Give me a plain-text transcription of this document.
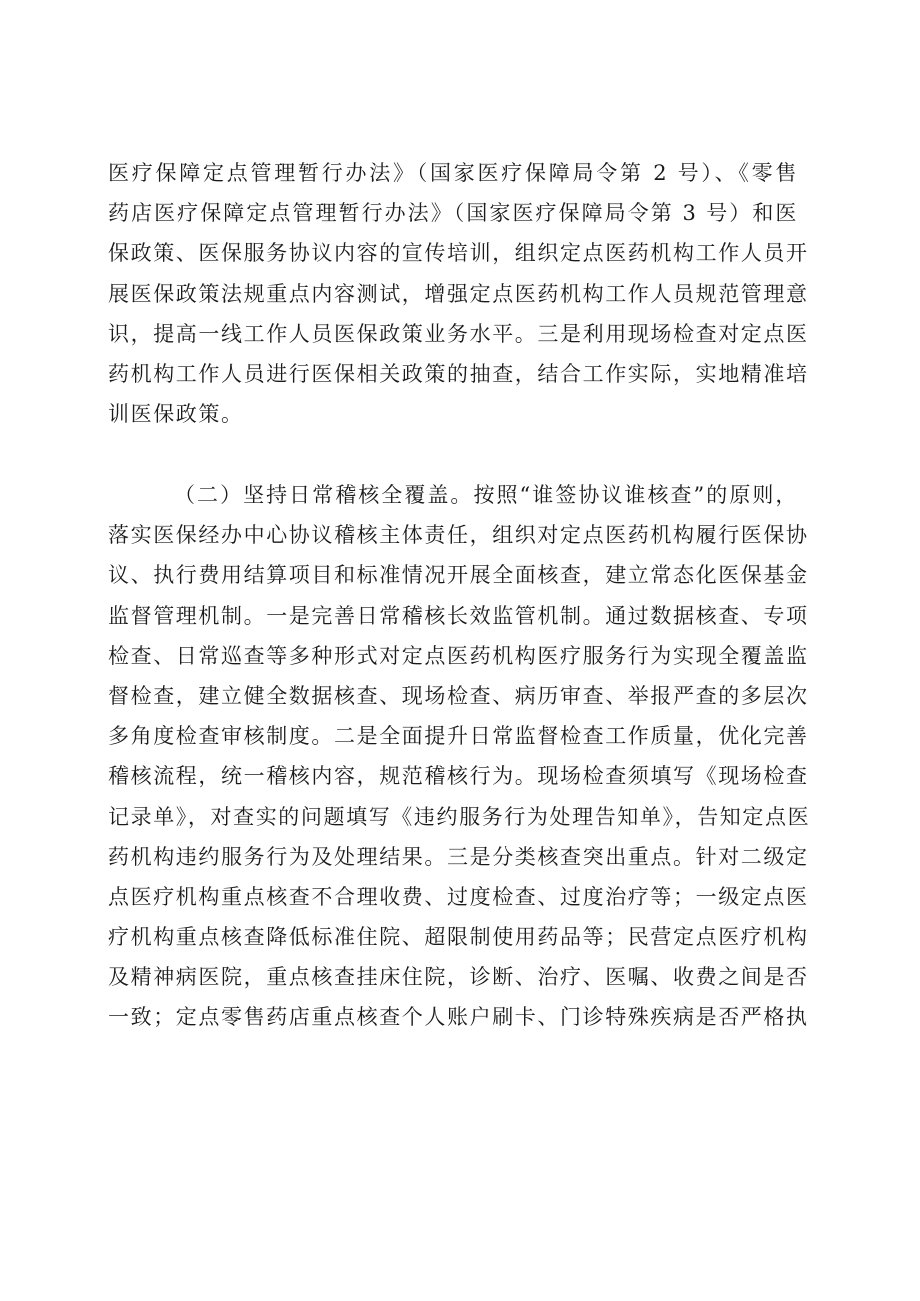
医疗保障定点管理暂行办法》（国家医疗保障局令第 2 号）、《零售
药店医疗保障定点管理暂行办法》（国家医疗保障局令第 3 号）和医
保政策、医保服务协议内容的宣传培训，组织定点医药机构工作人员开
展医保政策法规重点内容测试，增强定点医药机构工作人员规范管理意
识，提高一线工作人员医保政策业务水平。三是利用现场检查对定点医
药机构工作人员进行医保相关政策的抽查，结合工作实际，实地精准培
训医保政策。
（二）坚持日常稽核全覆盖。按照“谁签协议谁核查”的原则，
落实医保经办中心协议稽核主体责任，组织对定点医药机构履行医保协
议、执行费用结算项目和标准情况开展全面核查，建立常态化医保基金
监督管理机制。一是完善日常稽核长效监管机制。通过数据核查、专项
检查、日常巡查等多种形式对定点医药机构医疗服务行为实现全覆盖监
督检查，建立健全数据核查、现场检查、病历审查、举报严查的多层次
多角度检查审核制度。二是全面提升日常监督检查工作质量，优化完善
稽核流程，统一稽核内容，规范稽核行为。现场检查须填写《现场检查
记录单》，对查实的问题填写《违约服务行为处理告知单》，告知定点医
药机构违约服务行为及处理结果。三是分类核查突出重点。针对二级定
点医疗机构重点核查不合理收费、过度检查、过度治疗等；一级定点医
疗机构重点核查降低标准住院、超限制使用药品等；民营定点医疗机构
及精神病医院，重点核查挂床住院，诊断、治疗、医嘱、收费之间是否
一致；定点零售药店重点核查个人账户刷卡、门诊特殊疾病是否严格执
